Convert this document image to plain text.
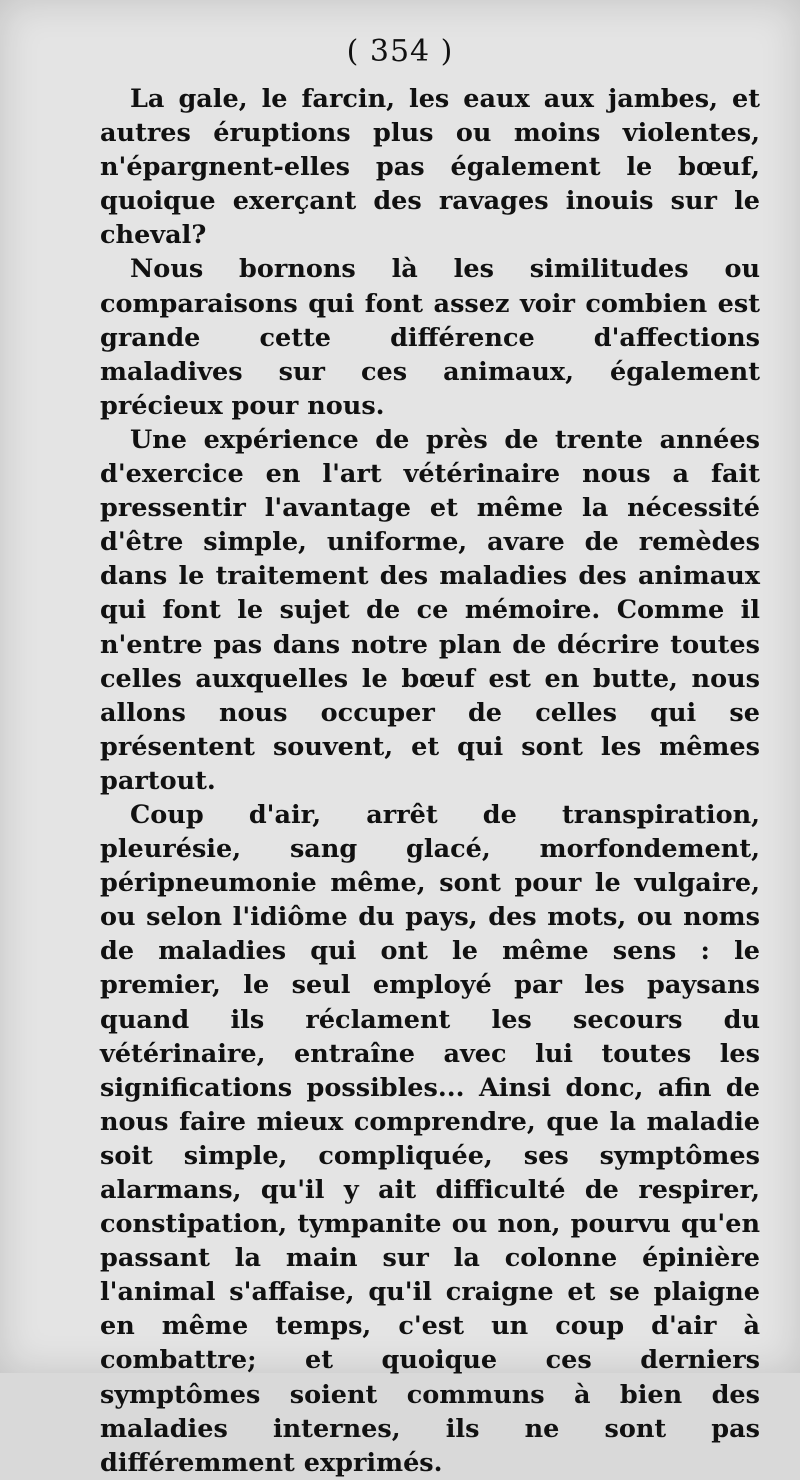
( 354 )

La gale, le farcin, les eaux aux jambes, et autres éruptions plus ou moins violentes, n'épargnent-elles pas également le bœuf, quoique exerçant des ravages inouis sur le cheval?

Nous bornons là les similitudes ou comparaisons qui font assez voir combien est grande cette différence d'affections maladives sur ces animaux, également précieux pour nous.

Une expérience de près de trente années d'exercice en l'art vétérinaire nous a fait pressentir l'avantage et même la nécessité d'être simple, uniforme, avare de remèdes dans le traitement des maladies des animaux qui font le sujet de ce mémoire. Comme il n'entre pas dans notre plan de décrire toutes celles auxquelles le bœuf est en butte, nous allons nous occuper de celles qui se présentent souvent, et qui sont les mêmes partout.

Coup d'air, arrêt de transpiration, pleurésie, sang glacé, morfondement, péripneumonie même, sont pour le vulgaire, ou selon l'idiôme du pays, des mots, ou noms de maladies qui ont le même sens : le premier, le seul employé par les paysans quand ils réclament les secours du vétérinaire, entraîne avec lui toutes les significations possibles... Ainsi donc, afin de nous faire mieux comprendre, que la maladie soit simple, compliquée, ses symptômes alarmans, qu'il y ait difficulté de respirer, constipation, tympanite ou non, pourvu qu'en passant la main sur la colonne épinière l'animal s'affaise, qu'il craigne et se plaigne en même temps, c'est un coup d'air à combattre; et quoique ces derniers symptômes soient communs à bien des maladies internes, ils ne sont pas différemment exprimés.
